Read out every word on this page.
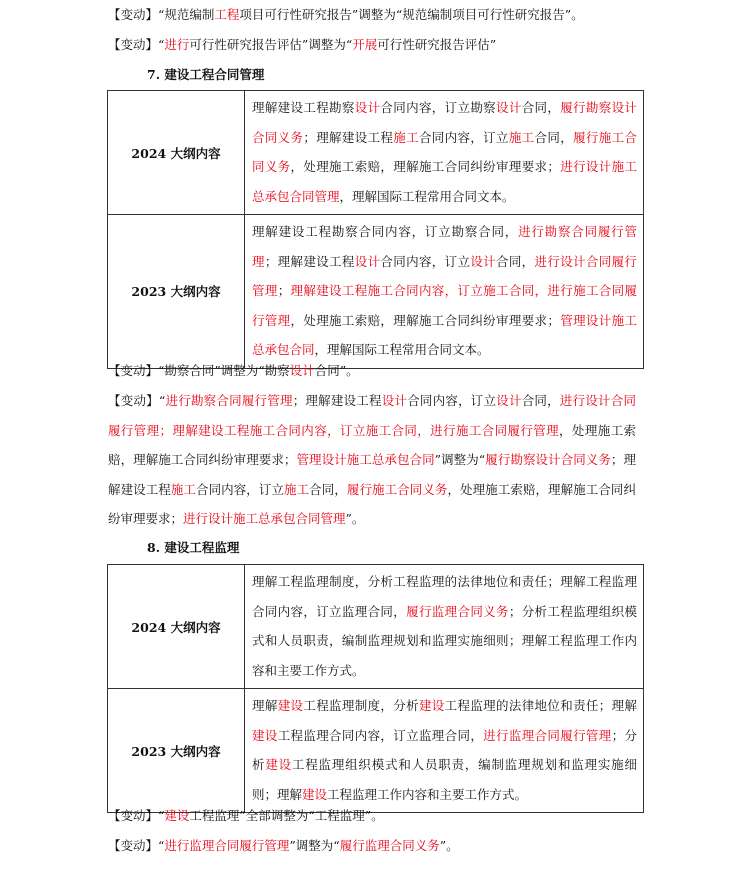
【变动】“规范编制工程项目可行性研究报告”调整为“规范编制项目可行性研究报告”。
【变动】“进行可行性研究报告评估”调整为“开展可行性研究报告评估”
7. 建设工程合同管理
2024 大纲内容	理解建设工程勘察设计合同内容，订立勘察设计合同，履行勘察设计合同义务；理解建设工程施工合同内容，订立施工合同，履行施工合同义务，处理施工索赔，理解施工合同纠纷审理要求；进行设计施工总承包合同管理，理解国际工程常用合同文本。
2023 大纲内容	理解建设工程勘察合同内容，订立勘察合同，进行勘察合同履行管理；理解建设工程设计合同内容，订立设计合同，进行设计合同履行管理；理解建设工程施工合同内容，订立施工合同，进行施工合同履行管理，处理施工索赔，理解施工合同纠纷审理要求；管理设计施工总承包合同，理解国际工程常用合同文本。
【变动】“勘察合同”调整为“勘察设计合同”。
【变动】“进行勘察合同履行管理；理解建设工程设计合同内容，订立设计合同，进行设计合同履行管理；理解建设工程施工合同内容，订立施工合同，进行施工合同履行管理，处理施工索赔，理解施工合同纠纷审理要求；管理设计施工总承包合同”调整为“履行勘察设计合同义务；理解建设工程施工合同内容，订立施工合同，履行施工合同义务，处理施工索赔，理解施工合同纠纷审理要求；进行设计施工总承包合同管理”。
8. 建设工程监理
2024 大纲内容	理解工程监理制度，分析工程监理的法律地位和责任；理解工程监理合同内容，订立监理合同，履行监理合同义务；分析工程监理组织模式和人员职责，编制监理规划和监理实施细则；理解工程监理工作内容和主要工作方式。
2023 大纲内容	理解建设工程监理制度，分析建设工程监理的法律地位和责任；理解建设工程监理合同内容，订立监理合同，进行监理合同履行管理；分析建设工程监理组织模式和人员职责，编制监理规划和监理实施细则；理解建设工程监理工作内容和主要工作方式。
【变动】“建设工程监理”全部调整为“工程监理”。
【变动】“进行监理合同履行管理”调整为“履行监理合同义务”。
